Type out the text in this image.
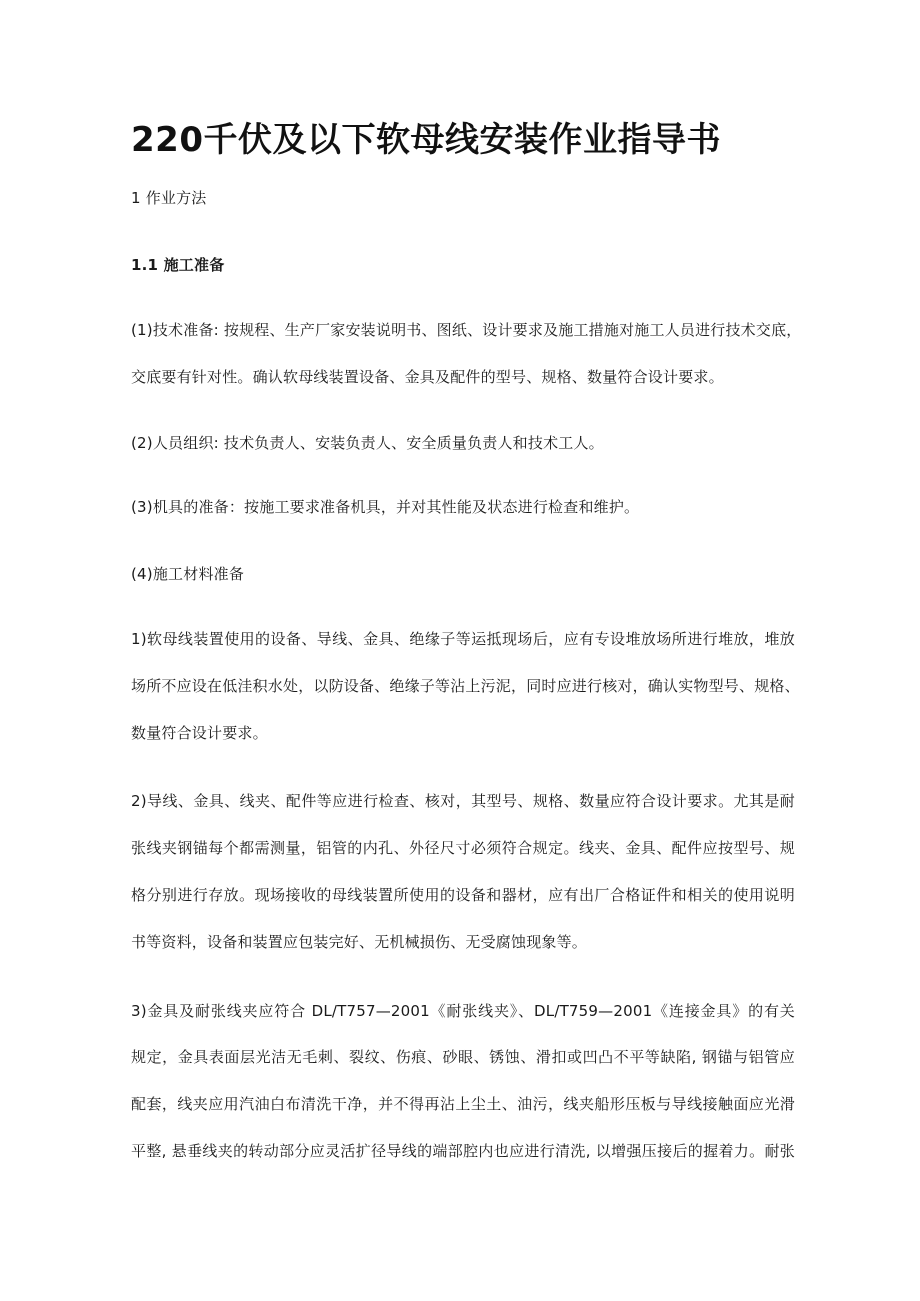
220千伏及以下软母线安装作业指导书
1 作业方法
1.1 施工准备
(1)技术准备: 按规程、生产厂家安装说明书、图纸、设计要求及施工措施对施工人员进行技术交底，
交底要有针对性。确认软母线装置设备、金具及配件的型号、规格、数量符合设计要求。
(2)人员组织: 技术负责人、安装负责人、安全质量负责人和技术工人。
(3)机具的准备：按施工要求准备机具，并对其性能及状态进行检查和维护。
(4)施工材料准备
1)软母线装置使用的设备、导线、金具、绝缘子等运抵现场后，应有专设堆放场所进行堆放，堆放
场所不应设在低洼积水处，以防设备、绝缘子等沾上污泥，同时应进行核对，确认实物型号、规格、
数量符合设计要求。
2)导线、金具、线夹、配件等应进行检查、核对，其型号、规格、数量应符合设计要求。尤其是耐
张线夹钢锚每个都需测量，铝管的内孔、外径尺寸必须符合规定。线夹、金具、配件应按型号、规
格分别进行存放。现场接收的母线装置所使用的设备和器材，应有出厂合格证件和相关的使用说明
书等资料，设备和装置应包装完好、无机械损伤、无受腐蚀现象等。
3)金具及耐张线夹应符合 DL/T757—2001《耐张线夹》、DL/T759—2001《连接金具》的有关
规定，金具表面层光洁无毛刺、裂纹、伤痕、砂眼、锈蚀、滑扣或凹凸不平等缺陷, 钢锚与铝管应
配套，线夹应用汽油白布清洗干净，并不得再沾上尘土、油污，线夹船形压板与导线接触面应光滑
平整, 悬垂线夹的转动部分应灵活扩径导线的端部腔内也应进行清洗, 以增强压接后的握着力。耐张
